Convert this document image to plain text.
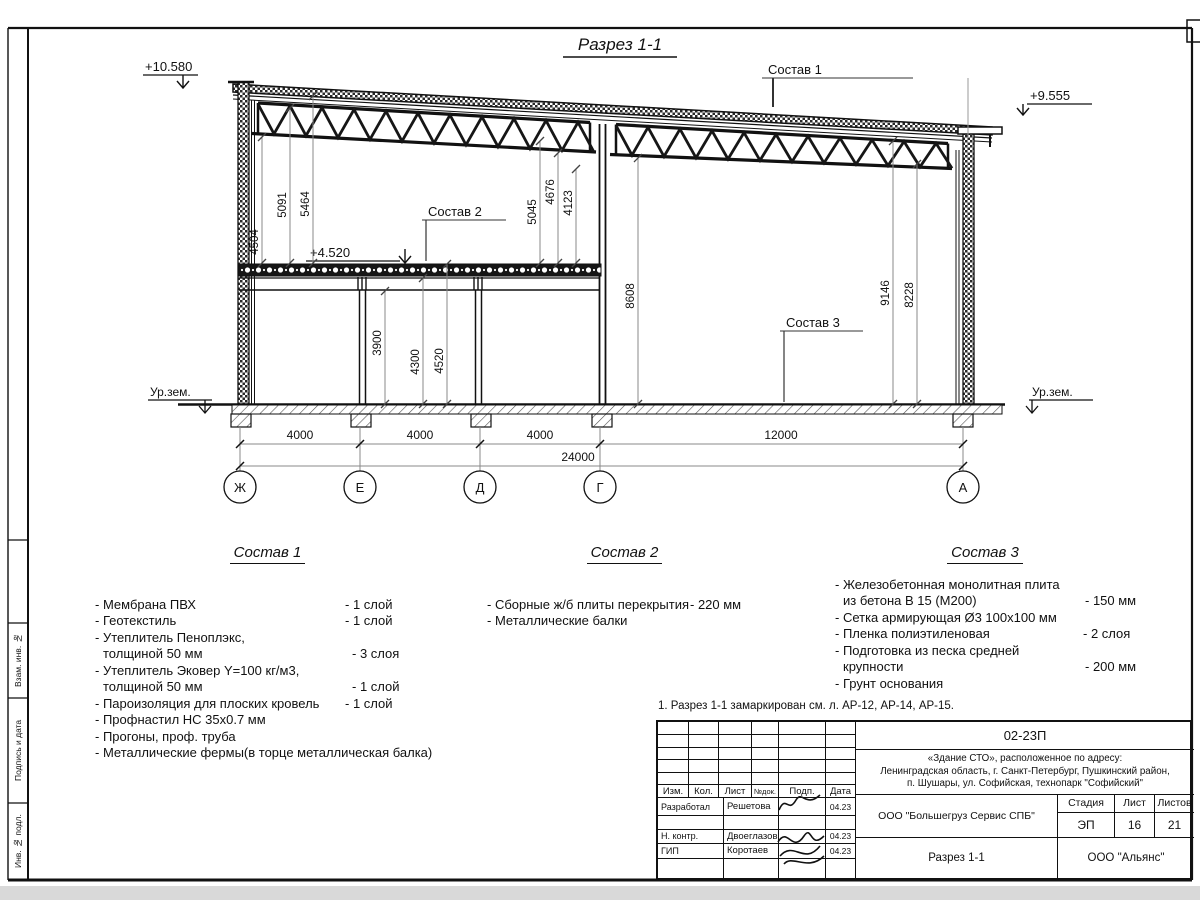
Разрез 1-1
+10.580
+9.555
+4.520
Ур.зем.	Ур.зем.
Состав 1
Состав 2
Состав 3
4504
5091 5464	5045
4676 4123
8608	9146 8228
3900
4300 4520
4000	4000	4000	12000
24000
Ж	Е	Д	Г	А
Состав 1
- Мембрана ПВХ	- 1 слой
- Геотекстиль	- 1 слой
- Утеплитель Пеноплэкс,
толщиной 50 мм	- 3 слоя
- Утеплитель Эковер Y=100 кг/м3,
толщиной 50 мм	- 1 слой
- Пароизоляция для плоских кровель - 1 слой
- Профнастил НС 35х0.7 мм
- Прогоны, проф. труба
- Металлические фермы(в торце металлическая балка)
Состав 2
- Сборные ж/б плиты перекрытия - 220 мм
- Металлические балки
Состав 3
- Железобетонная монолитная плита
из бетона В 15 (М200)	- 150 мм
- Сетка армирующая Ø3 100х100 мм
- Пленка полиэтиленовая	- 2 слоя
- Подготовка из песка средней
крупности	- 200 мм
- Грунт основания
1. Разрез 1-1 замаркирован см. л. АР-12, АР-14, АР-15.
Изм.	Кол.	Лист	№док.	Подп.	Дата
Разработал	Решетова	04.23
Н. контр.	Двоеглазов	04.23
ГИП	Коротаев	04.23
02-23П
«Здание СТО», расположенное по адресу:
Ленинградская область, г. Санкт-Петербург, Пушкинский район,
п. Шушары, ул. Софийская, технопарк "Софийский"
ООО "Большегруз Сервис СПБ"
Стадия	Лист	Листов
ЭП	16	21
Разрез 1-1	ООО "Альянс"
Взам. инв. №
Подпись и дата
Инв. № подл.
